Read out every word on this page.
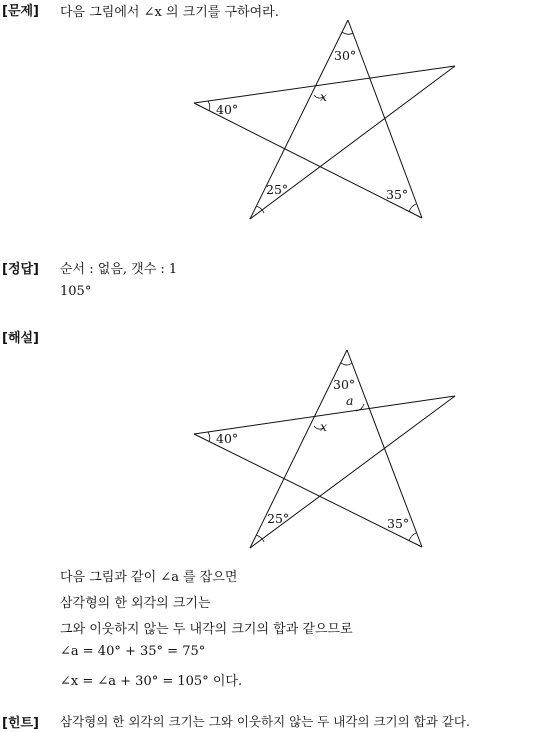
[문제] 다음 그림에서 ∠x 의 크기를 구하여라.
30°
40°
25°	35°
x
[정답] 순서 : 없음, 갯수 : 1
105°
[해설]
30°
a
40°
x
25°	35°
다음 그림과 같이 ∠a 를 잡으면
삼각형의 한 외각의 크기는
그와 이웃하지 않는 두 내각의 크기의 합과 같으므로
∠a = 40° + 35° = 75°
∠x = ∠a + 30° = 105° 이다.
[힌트] 삼각형의 한 외각의 크기는 그와 이웃하지 않는 두 내각의 크기의 합과 같다.
